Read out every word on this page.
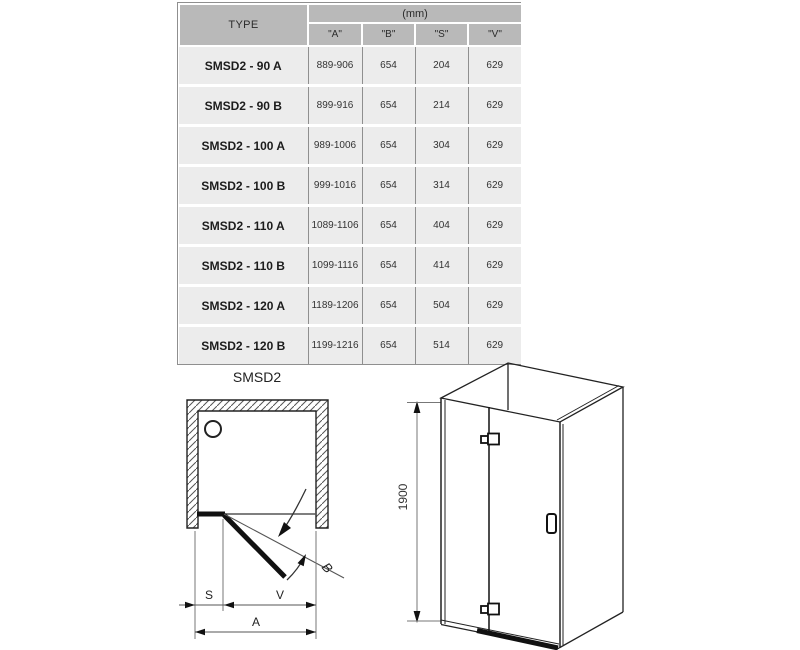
TYPE	(mm)			
	"A"	"B"	"S"	"V"
SMSD2 - 90 A	889-906	654	204	629
SMSD2 - 90 B	899-916	654	214	629
SMSD2 - 100 A	989-1006	654	304	629
SMSD2 - 100 B	999-1016	654	314	629
SMSD2 - 110 A	1089-1106	654	404	629
SMSD2 - 110 B	1099-1116	654	414	629
SMSD2 - 120 A	1189-1206	654	504	629
SMSD2 - 120 B	1199-1216	654	514	629
SMSD2
B
S	V
A
1900
